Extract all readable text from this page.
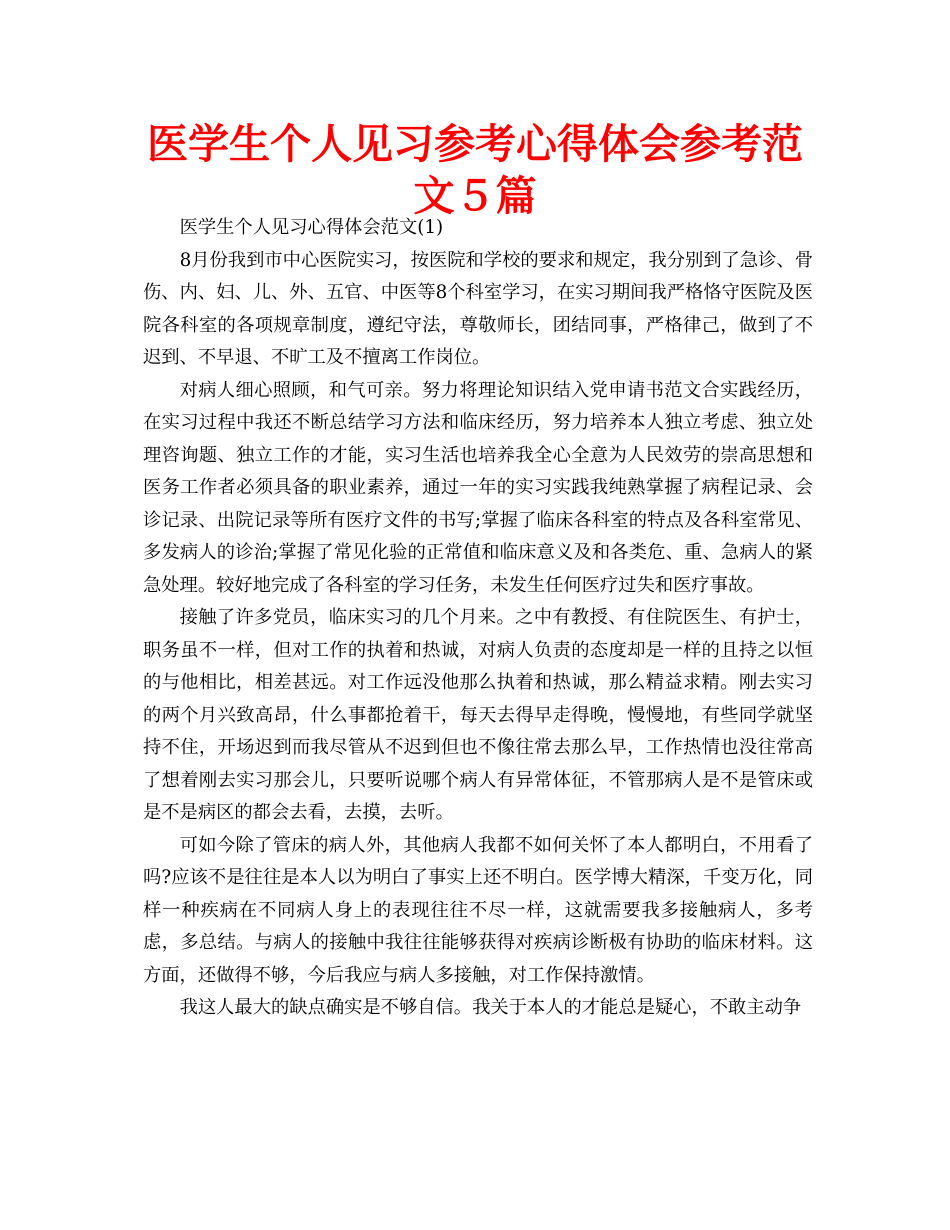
医学生个人见习参考心得体会参考范文５篇

医学生个人见习心得体会范文(1)

8月份我到市中心医院实习，按医院和学校的要求和规定，我分别到了急诊、骨伤、内、妇、儿、外、五官、中医等8个科室学习，在实习期间我严格恪守医院及医院各科室的各项规章制度，遵纪守法，尊敬师长，团结同事，严格律己，做到了不迟到、不早退、不旷工及不擅离工作岗位。

对病人细心照顾，和气可亲。努力将理论知识结入党申请书范文合实践经历，在实习过程中我还不断总结学习方法和临床经历，努力培养本人独立考虑、独立处理咨询题、独立工作的才能，实习生活也培养我全心全意为人民效劳的崇高思想和医务工作者必须具备的职业素养，通过一年的实习实践我纯熟掌握了病程记录、会诊记录、出院记录等所有医疗文件的书写;掌握了临床各科室的特点及各科室常见、多发病人的诊治;掌握了常见化验的正常值和临床意义及和各类危、重、急病人的紧急处理。较好地完成了各科室的学习任务，未发生任何医疗过失和医疗事故。

接触了许多党员，临床实习的几个月来。之中有教授、有住院医生、有护士，职务虽不一样，但对工作的执着和热诚，对病人负责的态度却是一样的且持之以恒的与他相比，相差甚远。对工作远没他那么执着和热诚，那么精益求精。刚去实习的两个月兴致高昂，什么事都抢着干，每天去得早走得晚，慢慢地，有些同学就坚持不住，开场迟到而我尽管从不迟到但也不像往常去那么早，工作热情也没往常高了想着刚去实习那会儿，只要听说哪个病人有异常体征，不管那病人是不是管床或是不是病区的都会去看，去摸，去听。

可如今除了管床的病人外，其他病人我都不如何关怀了本人都明白，不用看了吗?应该不是往往是本人以为明白了事实上还不明白。医学博大精深，千变万化，同样一种疾病在不同病人身上的表现往往不尽一样，这就需要我多接触病人，多考虑，多总结。与病人的接触中我往往能够获得对疾病诊断极有协助的临床材料。这方面，还做得不够，今后我应与病人多接触，对工作保持激情。

我这人最大的缺点确实是不够自信。我关于本人的才能总是疑心，不敢主动争
